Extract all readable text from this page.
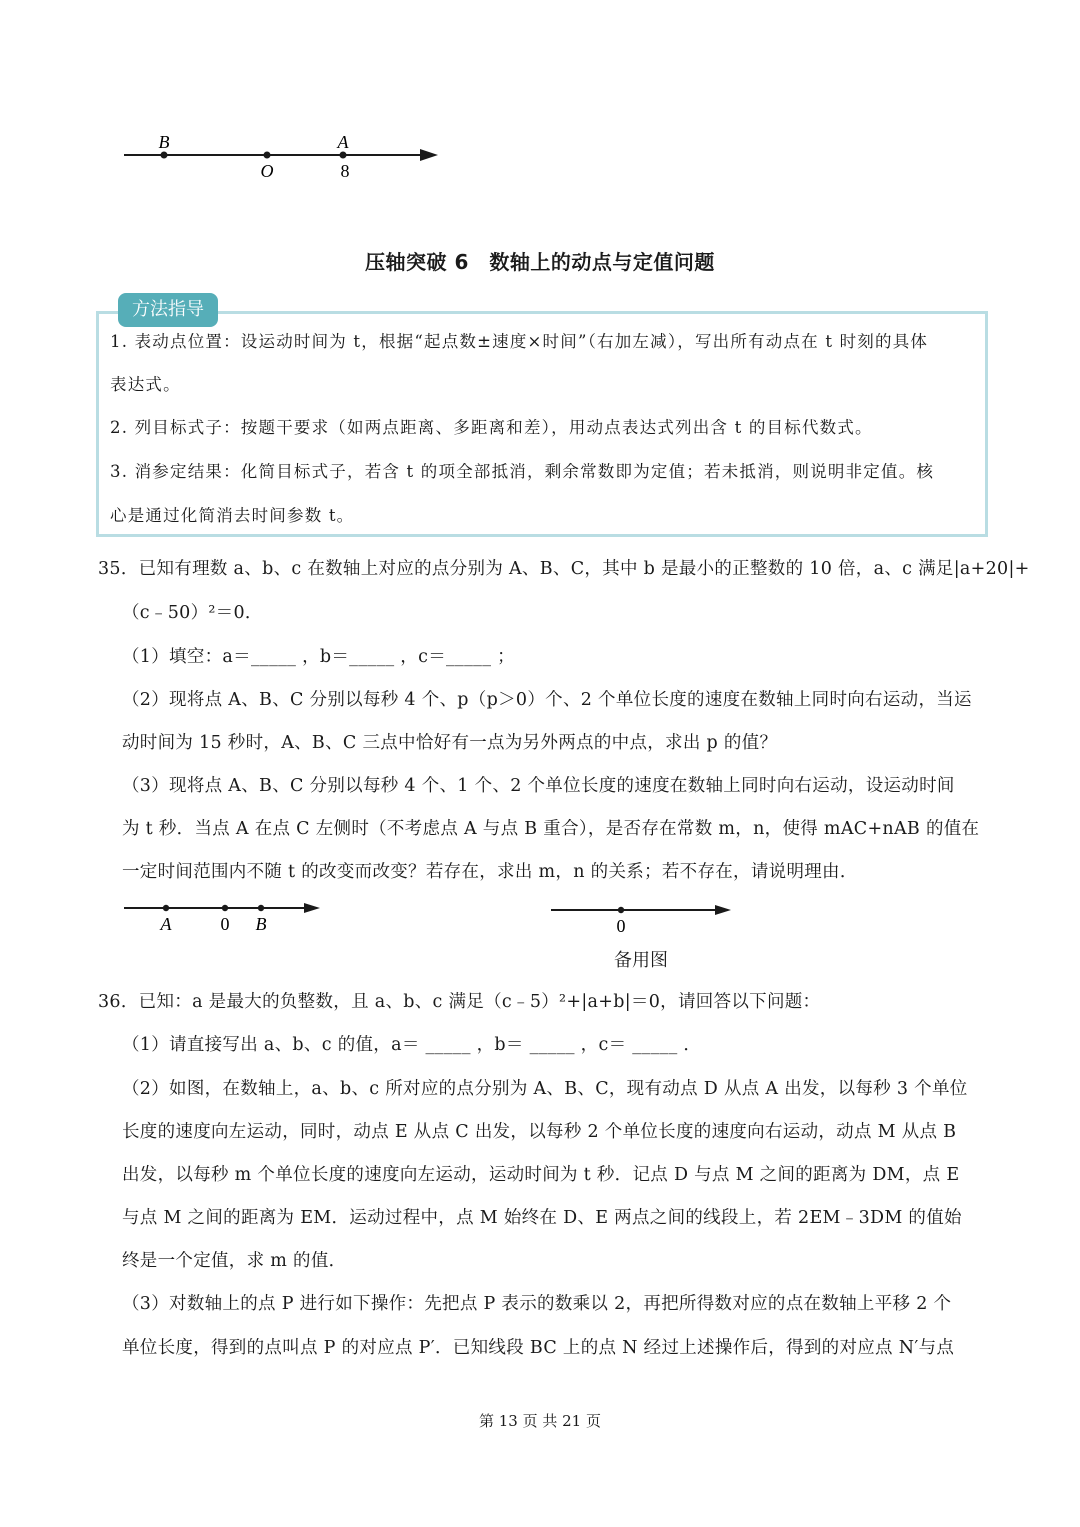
B	A
O	8
压轴突破 6　数轴上的动点与定值问题
方法指导
1. 表动点位置：设运动时间为 t，根据“起点数±速度×时间”（右加左减），写出所有动点在 t 时刻的具体
表达式。
2. 列目标式子：按题干要求（如两点距离、多距离和差），用动点表达式列出含 t 的目标代数式。
3. 消参定结果：化简目标式子，若含 t 的项全部抵消，剩余常数即为定值；若未抵消，则说明非定值。核
心是通过化简消去时间参数 t。
35．已知有理数 a、b、c 在数轴上对应的点分别为 A、B、C，其中 b 是最小的正整数的 10 倍，a、c 满足|a+20|+
（c﹣50）²＝0．
（1）填空：a＝_____ ，b＝_____ ，c＝_____ ；
（2）现将点 A、B、C 分别以每秒 4 个、p（p＞0）个、2 个单位长度的速度在数轴上同时向右运动，当运
动时间为 15 秒时，A、B、C 三点中恰好有一点为另外两点的中点，求出 p 的值？
（3）现将点 A、B、C 分别以每秒 4 个、1 个、2 个单位长度的速度在数轴上同时向右运动，设运动时间
为 t 秒．当点 A 在点 C 左侧时（不考虑点 A 与点 B 重合），是否存在常数 m，n，使得 mAC+nAB 的值在
一定时间范围内不随 t 的改变而改变？若存在，求出 m，n 的关系；若不存在，请说明理由．
A	0 B	0
备用图
36．已知：a 是最大的负整数，且 a、b、c 满足（c﹣5）²+|a+b|＝0，请回答以下问题：
（1）请直接写出 a、b、c 的值，a＝ _____ ，b＝ _____ ，c＝ _____ ．
（2）如图，在数轴上，a、b、c 所对应的点分别为 A、B、C，现有动点 D 从点 A 出发，以每秒 3 个单位
长度的速度向左运动，同时，动点 E 从点 C 出发，以每秒 2 个单位长度的速度向右运动，动点 M 从点 B
出发，以每秒 m 个单位长度的速度向左运动，运动时间为 t 秒．记点 D 与点 M 之间的距离为 DM，点 E
与点 M 之间的距离为 EM．运动过程中，点 M 始终在 D、E 两点之间的线段上，若 2EM﹣3DM 的值始
终是一个定值，求 m 的值．
（3）对数轴上的点 P 进行如下操作：先把点 P 表示的数乘以 2，再把所得数对应的点在数轴上平移 2 个
单位长度，得到的点叫点 P 的对应点 P′．已知线段 BC 上的点 N 经过上述操作后，得到的对应点 N′与点
第 13 页 共 21 页
